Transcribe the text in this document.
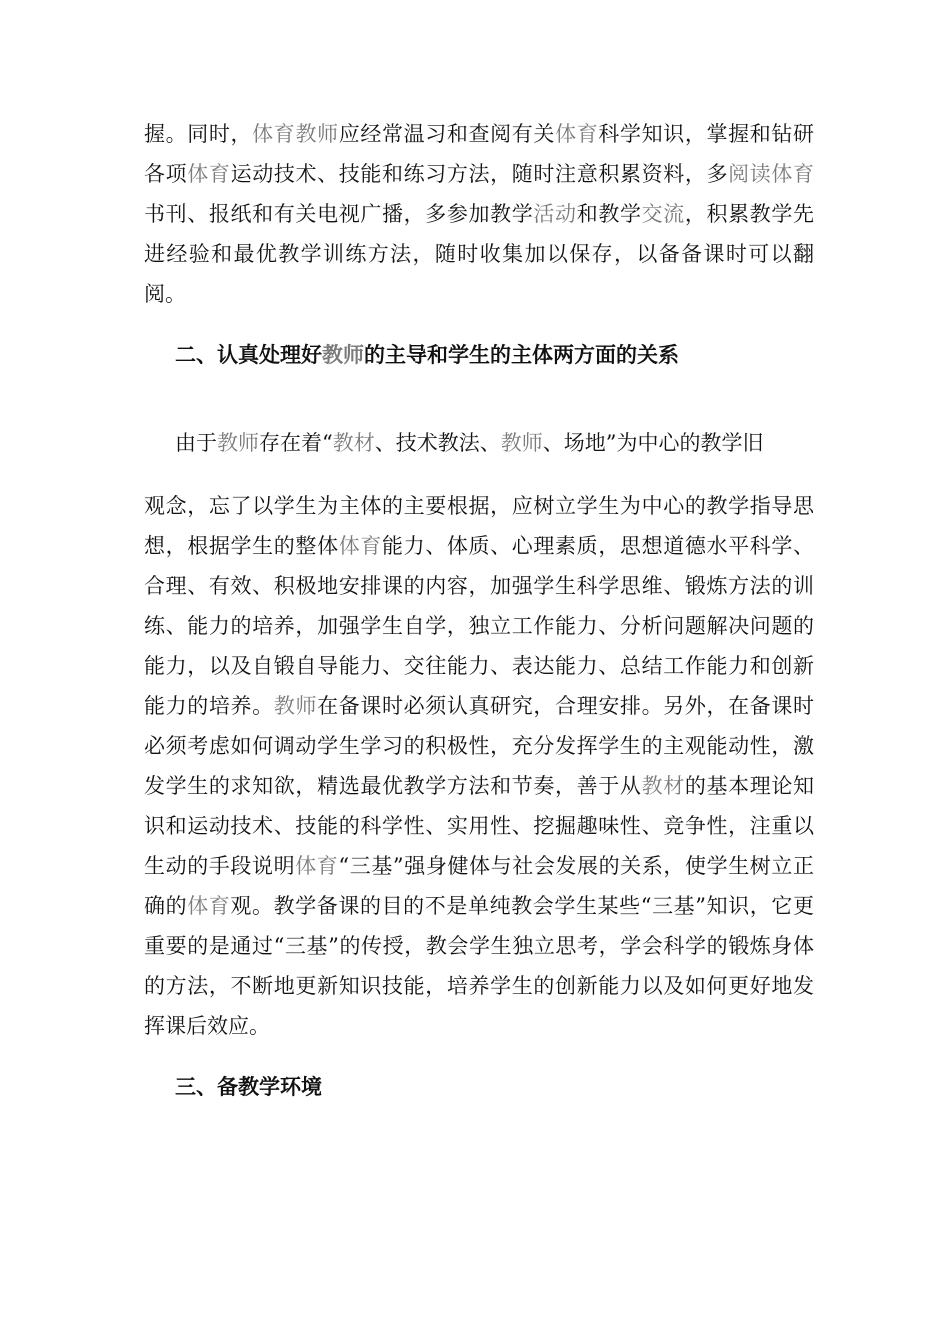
握。同时，体育教师应经常温习和查阅有关体育科学知识，掌握和钻研各项体育运动技术、技能和练习方法，随时注意积累资料，多阅读体育书刊、报纸和有关电视广播，多参加教学活动和教学交流，积累教学先进经验和最优教学训练方法，随时收集加以保存，以备备课时可以翻阅。

二、认真处理好教师的主导和学生的主体两方面的关系

由于教师存在着“教材、技术教法、教师、场地”为中心的教学旧

观念，忘了以学生为主体的主要根据，应树立学生为中心的教学指导思想，根据学生的整体体育能力、体质、心理素质，思想道德水平科学、合理、有效、积极地安排课的内容，加强学生科学思维、锻炼方法的训练、能力的培养，加强学生自学，独立工作能力、分析问题解决问题的能力，以及自锻自导能力、交往能力、表达能力、总结工作能力和创新能力的培养。教师在备课时必须认真研究，合理安排。另外，在备课时必须考虑如何调动学生学习的积极性，充分发挥学生的主观能动性，激发学生的求知欲，精选最优教学方法和节奏，善于从教材的基本理论知识和运动技术、技能的科学性、实用性、挖掘趣味性、竞争性，注重以生动的手段说明体育“三基”强身健体与社会发展的关系，使学生树立正确的体育观。教学备课的目的不是单纯教会学生某些“三基”知识，它更重要的是通过“三基”的传授，教会学生独立思考，学会科学的锻炼身体的方法，不断地更新知识技能，培养学生的创新能力以及如何更好地发挥课后效应。

三、备教学环境
